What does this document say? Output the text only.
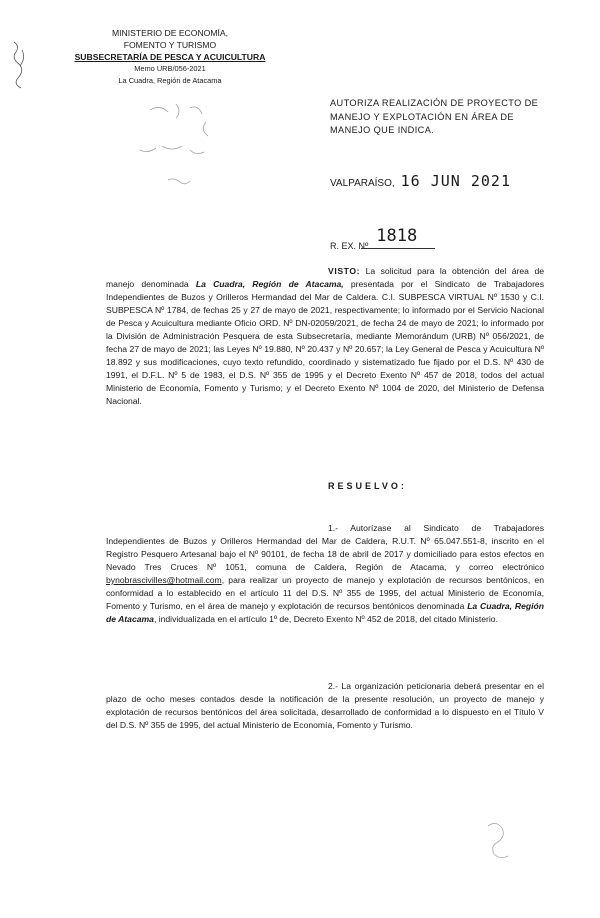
MINISTERIO DE ECONOMÍA,
FOMENTO Y TURISMO
SUBSECRETARÍA DE PESCA Y ACUICULTURA
Memo URB/056-2021
La Cuadra, Región de Atacama
AUTORIZA REALIZACIÓN DE PROYECTO DE MANEJO Y EXPLOTACIÓN EN ÁREA DE MANEJO QUE INDICA.
VALPARAÍSO, 16 JUN 2021
R. EX. Nº 1818

VISTO: La solicitud para la obtención del área de manejo denominada La Cuadra, Región de Atacama, presentada por el Sindicato de Trabajadores Independientes de Buzos y Orilleros Hermandad del Mar de Caldera. C.I. SUBPESCA VIRTUAL Nº 1530 y C.I. SUBPESCA Nº 1784, de fechas 25 y 27 de mayo de 2021, respectivamente; lo informado por el Servicio Nacional de Pesca y Acuicultura mediante Oficio ORD. Nº DN-02059/2021, de fecha 24 de mayo de 2021; lo informado por la División de Administración Pesquera de esta Subsecretaría, mediante Memorándum (URB) Nº 056/2021, de fecha 27 de mayo de 2021; las Leyes Nº 19.880, Nº 20.437 y Nº 20.657; la Ley General de Pesca y Acuicultura Nº 18.892 y sus modificaciones, cuyo texto refundido, coordinado y sistematizado fue fijado por el D.S. Nº 430 de 1991, el D.F.L. Nº 5 de 1983, el D.S. Nº 355 de 1995 y el Decreto Exento Nº 457 de 2018, todos del actual Ministerio de Economía, Fomento y Turismo; y el Decreto Exento Nº 1004 de 2020, del Ministerio de Defensa Nacional.

RESUELVO:

1.- Autorízase al Sindicato de Trabajadores Independientes de Buzos y Orilleros Hermandad del Mar de Caldera, R.U.T. Nº 65.047.551-8, inscrito en el Registro Pesquero Artesanal bajo el Nº 90101, de fecha 18 de abril de 2017 y domiciliado para estos efectos en Nevado Tres Cruces Nº 1051, comuna de Caldera, Región de Atacama, y correo electrónico bynobrascivilles@hotmail.com, para realizar un proyecto de manejo y explotación de recursos bentónicos, en conformidad a lo establecido en el artículo 11 del D.S. Nº 355 de 1995, del actual Ministerio de Economía, Fomento y Turismo, en el área de manejo y explotación de recursos bentónicos denominada La Cuadra, Región de Atacama, individualizada en el artículo 1º de, Decreto Exento Nº 452 de 2018, del citado Ministerio.

2.- La organización peticionaria deberá presentar en el plazo de ocho meses contados desde la notificación de la presente resolución, un proyecto de manejo y explotación de recursos bentónicos del área solicitada, desarrollado de conformidad a lo dispuesto en el Título V del D.S. Nº 355 de 1995, del actual Ministerio de Economía, Fomento y Turismo.
